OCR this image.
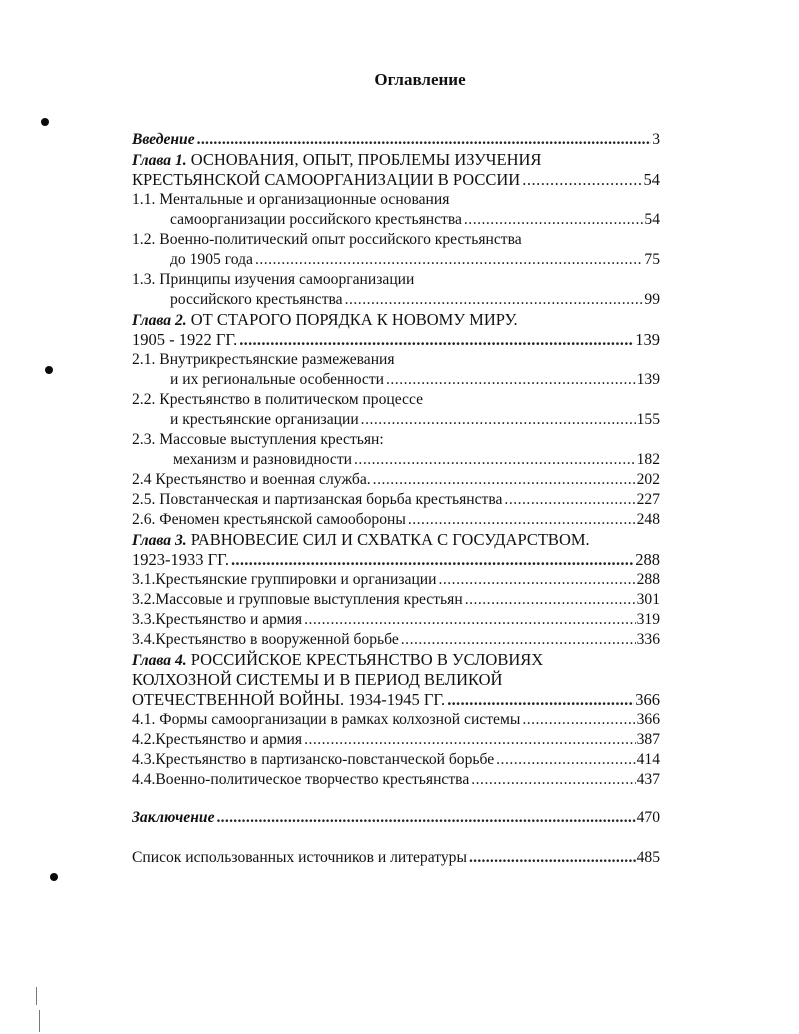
Оглавление
Введение .....	3
Глава 1. ОСНОВАНИЯ, ОПЫТ, ПРОБЛЕМЫ ИЗУЧЕНИЯ
КРЕСТЬЯНСКОЙ САМООРГАНИЗАЦИИ В РОССИИ .....	54
1.1. Ментальные и организационные основания
самоорганизации российского крестьянства .....	54
1.2. Военно-политический опыт российского крестьянства
до 1905 года .....	75
1.3. Принципы изучения самоорганизации
российского крестьянства .....	99
Глава 2. ОТ СТАРОГО ПОРЯДКА К НОВОМУ МИРУ.
1905 - 1922 ГГ. .....	139
2.1. Внутрикрестьянские размежевания
и их региональные особенности .....	139
2.2. Крестьянство в политическом процессе
и крестьянские организации .....	155
2.3. Массовые выступления крестьян:
механизм и разновидности .....	182
2.4 Крестьянство и военная служба. .....	202
2.5. Повстанческая и партизанская борьба крестьянства .....	227
2.6. Феномен крестьянской самообороны .....	248
Глава 3. РАВНОВЕСИЕ СИЛ И СХВАТКА С ГОСУДАРСТВОМ.
1923-1933 ГГ. .....	288
3.1.Крестьянские группировки и организации .....	288
3.2.Массовые и групповые выступления крестьян .....	301
3.3.Крестьянство и армия .....	319
3.4.Крестьянство в вооруженной борьбе .....	336
Глава 4. РОССИЙСКОЕ КРЕСТЬЯНСТВО В УСЛОВИЯХ
КОЛХОЗНОЙ СИСТЕМЫ И В ПЕРИОД ВЕЛИКОЙ
ОТЕЧЕСТВЕННОЙ ВОЙНЫ. 1934-1945 ГГ. .....	366
4.1. Формы самоорганизации в рамках колхозной системы .....	366
4.2.Крестьянство и армия .....	387
4.3.Крестьянство в партизанско-повстанческой борьбе .....	414
4.4.Военно-политическое творчество крестьянства .....	437
Заключение .....	470
Список использованных источников и литературы .....	485
